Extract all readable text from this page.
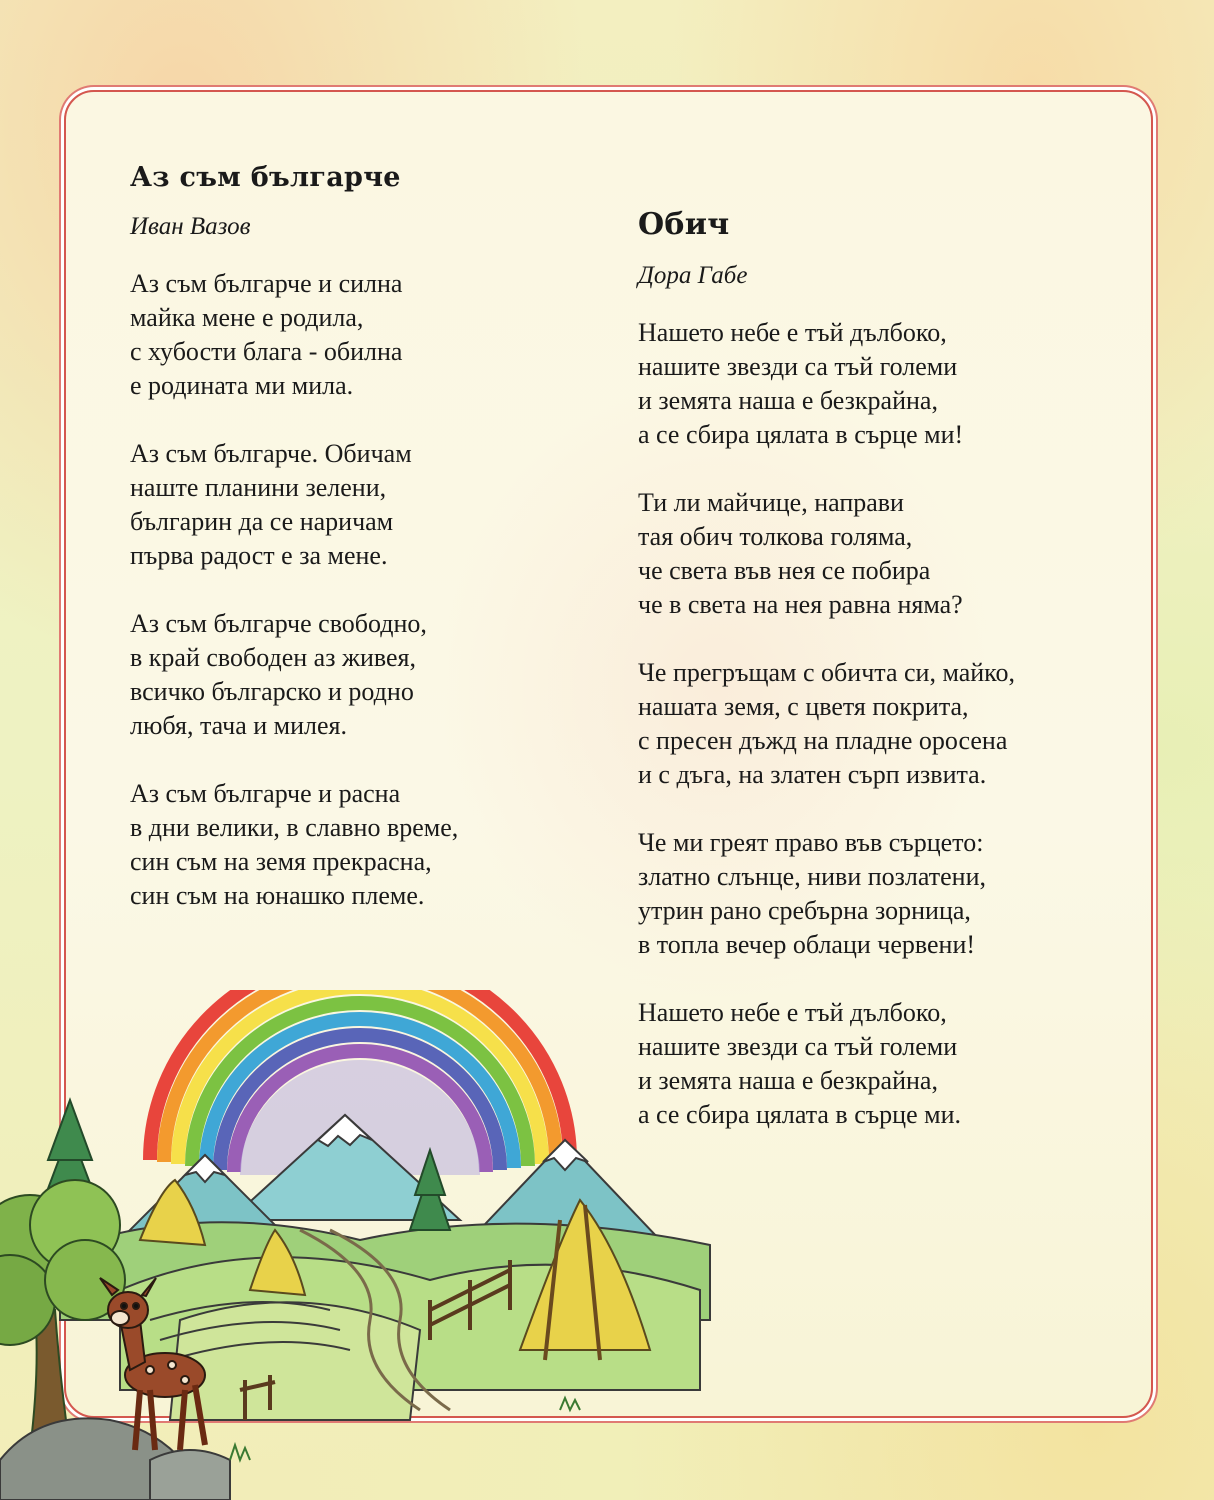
Аз съм българче
Иван Вазов
Аз съм българче и силна
майка мене е родила,
с хубости блага - обилна
е родината ми мила.
Аз съм българче. Обичам
наште планини зелени,
българин да се наричам
първа радост е за мене.
Аз съм българче свободно,
в край свободен аз живея,
всичко българско и родно
любя, тача и милея.
Аз съм българче и расна
в дни велики, в славно време,
син съм на земя прекрасна,
син съм на юнашко племе.
Обич
Дора Габе
Нашето небе е тъй дълбоко,
нашите звезди са тъй големи
и земята наша е безкрайна,
а се сбира цялата в сърце ми!
Ти ли майчице, направи
тая обич толкова голяма,
че света във нея се побира
че в света на нея равна няма?
Че прегръщам с обичта си, майко,
нашата земя, с цветя покрита,
с пресен дъжд на пладне оросена
и с дъга, на златен сърп извита.
Че ми греят право във сърцето:
златно слънце, ниви позлатени,
утрин рано сребърна зорница,
в топла вечер облаци червени!
Нашето небе е тъй дълбоко,
нашите звезди са тъй големи
и земята наша е безкрайна,
а се сбира цялата в сърце ми.
